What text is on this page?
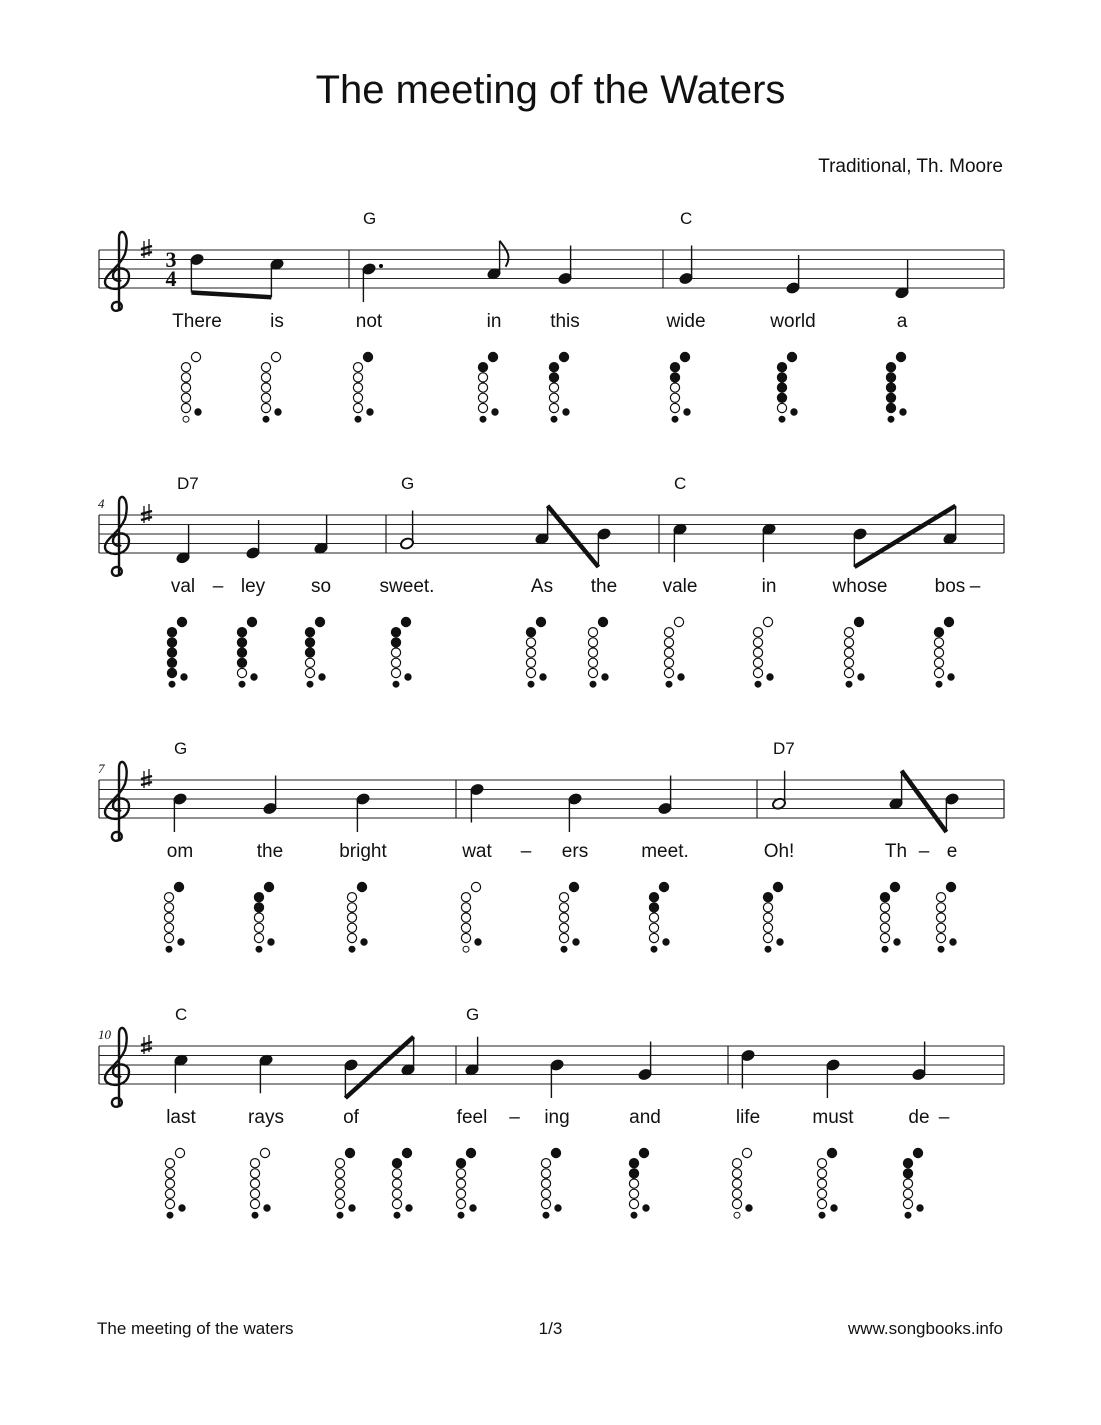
The meeting of the Waters
Traditional, Th. Moore
3
4
There	is
G
not	in	this
C
wide	world	a
4
D7
val – ley so
G
sweet.	As the
C
vale	in	whose bos –
7
G
om	the	bright	wat – ers	meet.
D7
Oh!	Th – e
10
C
last	rays	of
G
feel – ing	and	life	must	de –
The meeting of the waters	1/3	www.songbooks.info
